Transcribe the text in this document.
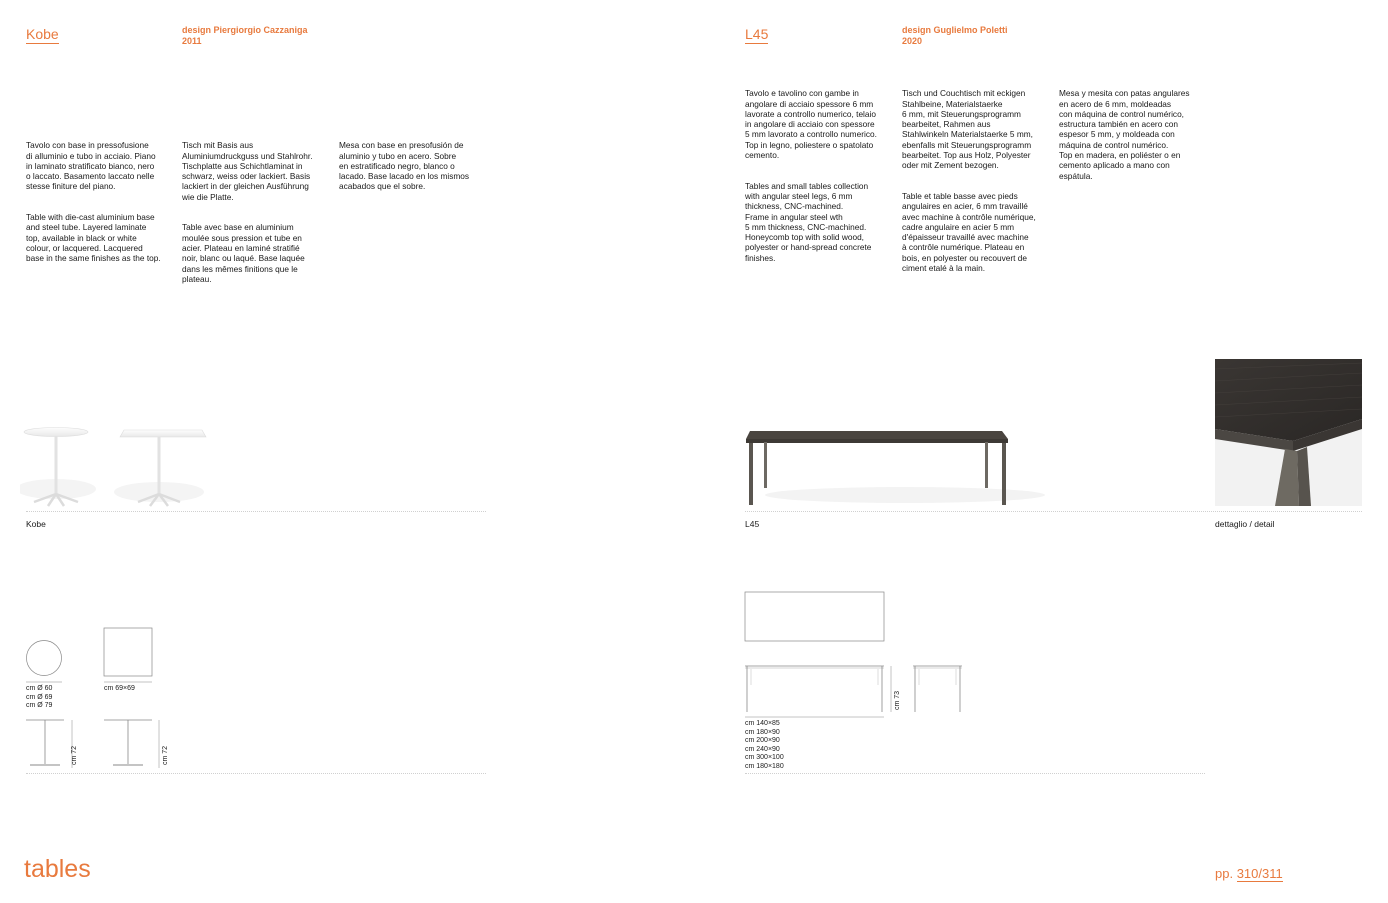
Kobe	design Piergiorgio Cazzaniga
2011

Tavolo con base in pressofusione
di alluminio e tubo in acciaio. Piano
in laminato stratificato bianco, nero
o laccato. Basamento laccato nelle
stesse finiture del piano.

Table with die-cast aluminium base
and steel tube. Layered laminate
top, available in black or white
colour, or lacquered. Lacquered
base in the same finishes as the top.

Tisch mit Basis aus
Aluminiumdruckguss und Stahlrohr.
Tischplatte aus Schichtlaminat in
schwarz, weiss oder lackiert. Basis
lackiert in der gleichen Ausführung
wie die Platte.

Table avec base en aluminium
moulée sous pression et tube en
acier. Plateau en laminé stratifié
noir, blanc ou laqué. Base laquée
dans les mêmes finitions que le
plateau.

Mesa con base en presofusión de
aluminio y tubo en acero. Sobre
en estratificado negro, blanco o
lacado. Base lacado en los mismos
acabados que el sobre.

Kobe
cm Ø 60
cm Ø 69
cm Ø 79
cm 69×69
cm 72	cm 72
tables
L45	design Guglielmo Poletti
2020

Tavolo e tavolino con gambe in
angolare di acciaio spessore 6 mm
lavorate a controllo numerico, telaio
in angolare di acciaio con spessore
5 mm lavorato a controllo numerico.
Top in legno, poliestere o spatolato
cemento.

Tables and small tables collection
with angular steel legs, 6 mm
thickness, CNC-machined.
Frame in angular steel wth
5 mm thickness, CNC-machined.
Honeycomb top with solid wood,
polyester or hand-spread concrete
finishes.

Tisch und Couchtisch mit eckigen
Stahlbeine, Materialstaerke
6 mm, mit Steuerungsprogramm
bearbeitet, Rahmen aus
Stahlwinkeln Materialstaerke 5 mm,
ebenfalls mit Steuerungsprogramm
bearbeitet. Top aus Holz, Polyester
oder mit Zement bezogen.

Table et table basse avec pieds
angulaires en acier, 6 mm travaillé
avec machine à contrôle numérique,
cadre angulaire en acier 5 mm
d'épaisseur travaillé avec machine
à contrôle numérique. Plateau en
bois, en polyester ou recouvert de
ciment etalé à la main.

Mesa y mesita con patas angulares
en acero de 6 mm, moldeadas
con máquina de control numérico,
estructura también en acero con
espesor 5 mm, y moldeada con
máquina de control numérico.
Top en madera, en poliéster o en
cemento aplicado a mano con
espátula.

L45	dettaglio / detail
cm 73
cm 140×85
cm 180×90
cm 200×90
cm 240×90
cm 300×100
cm 180×180
pp. 310/311
